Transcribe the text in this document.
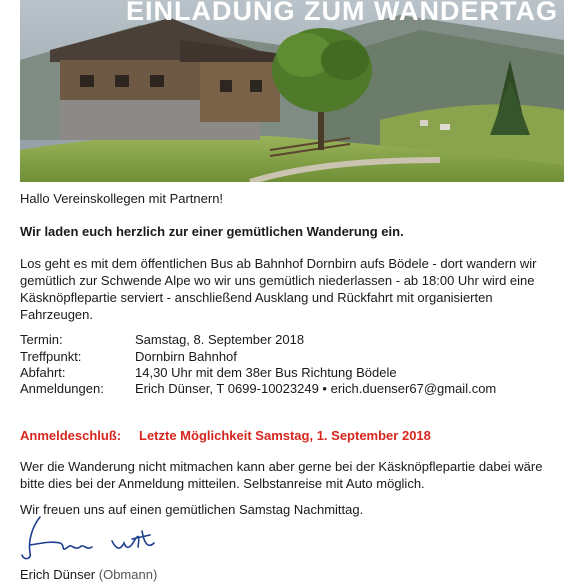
EINLADUNG ZUM WANDERTAG

Hallo Vereinskollegen mit Partnern!

Wir laden euch herzlich zur einer gemütlichen Wanderung ein.

Los geht es mit dem öffentlichen Bus ab Bahnhof Dornbirn aufs Bödele - dort wandern wir gemütlich zur Schwende Alpe wo wir uns gemütlich niederlassen - ab 18:00 Uhr wird eine Käsknöpflepartie serviert - anschließend Ausklang und Rückfahrt mit organisierten Fahrzeugen.

Termin:	Samstag, 8. September 2018
Treffpunkt:	Dornbirn Bahnhof
Abfahrt:	14,30 Uhr mit dem 38er Bus Richtung Bödele
Anmeldungen: Erich Dünser, T 0699-10023249 • erich.duenser67@gmail.com
Anmeldeschluß: Letzte Möglichkeit Samstag, 1. September 2018

Wer die Wanderung nicht mitmachen kann aber gerne bei der Käsknöpflepartie dabei wäre bitte dies bei der Anmeldung mitteilen. Selbstanreise mit Auto möglich.

Wir freuen uns auf einen gemütlichen Samstag Nachmittag.

Erich Dünser (Obmann)
